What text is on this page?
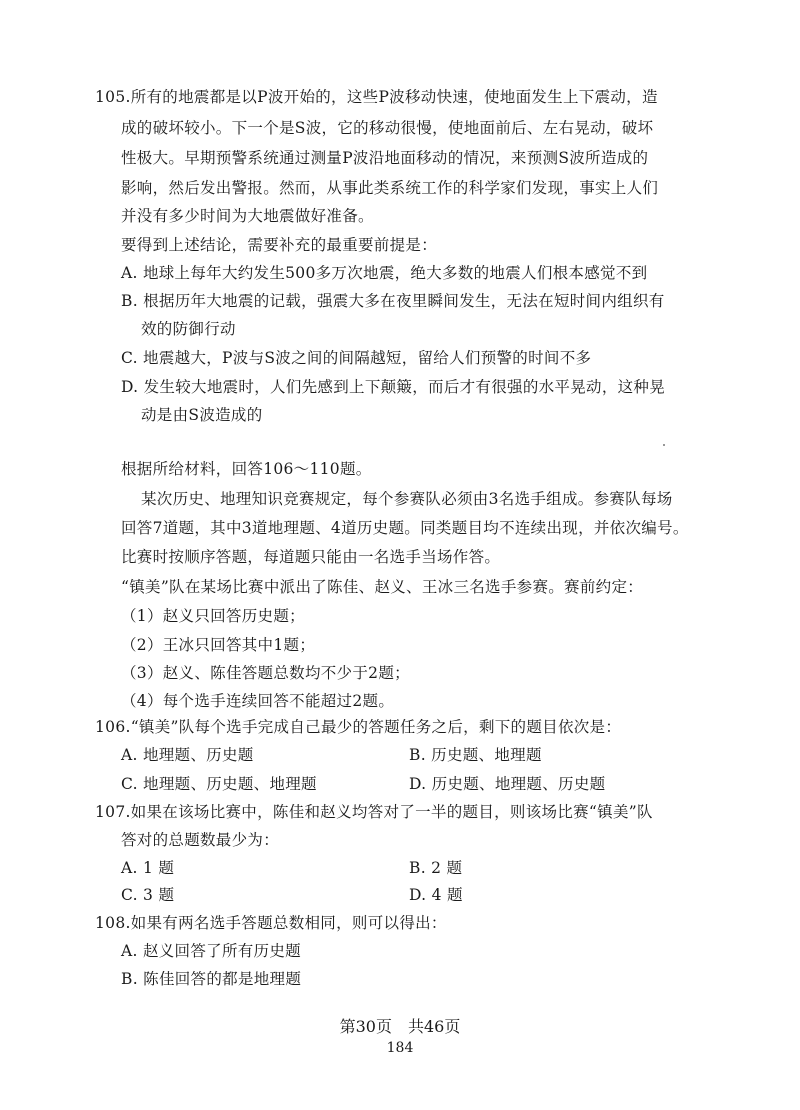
105.所有的地震都是以P波开始的，这些P波移动快速，使地面发生上下震动，造
成的破坏较小。下一个是S波，它的移动很慢，使地面前后、左右晃动，破坏
性极大。早期预警系统通过测量P波沿地面移动的情况，来预测S波所造成的
影响，然后发出警报。然而，从事此类系统工作的科学家们发现，事实上人们
并没有多少时间为大地震做好准备。
要得到上述结论，需要补充的最重要前提是：
A. 地球上每年大约发生500多万次地震，绝大多数的地震人们根本感觉不到
B. 根据历年大地震的记载，强震大多在夜里瞬间发生，无法在短时间内组织有
效的防御行动
C. 地震越大，P波与S波之间的间隔越短，留给人们预警的时间不多
D. 发生较大地震时，人们先感到上下颠簸，而后才有很强的水平晃动，这种晃
动是由S波造成的
根据所给材料，回答106～110题。
某次历史、地理知识竞赛规定，每个参赛队必须由3名选手组成。参赛队每场
回答7道题，其中3道地理题、4道历史题。同类题目均不连续出现，并依次编号。
比赛时按顺序答题，每道题只能由一名选手当场作答。
“镇美”队在某场比赛中派出了陈佳、赵义、王冰三名选手参赛。赛前约定：
（1）赵义只回答历史题；
（2）王冰只回答其中1题；
（3）赵义、陈佳答题总数均不少于2题；
（4）每个选手连续回答不能超过2题。
106.“镇美”队每个选手完成自己最少的答题任务之后，剩下的题目依次是：
A. 地理题、历史题	B. 历史题、地理题
C. 地理题、历史题、地理题	D. 历史题、地理题、历史题
107.如果在该场比赛中，陈佳和赵义均答对了一半的题目，则该场比赛“镇美”队
答对的总题数最少为：
A. 1 题	B. 2 题
C. 3 题	D. 4 题
108.如果有两名选手答题总数相同，则可以得出：
A. 赵义回答了所有历史题
B. 陈佳回答的都是地理题
第30页　共46页
184
